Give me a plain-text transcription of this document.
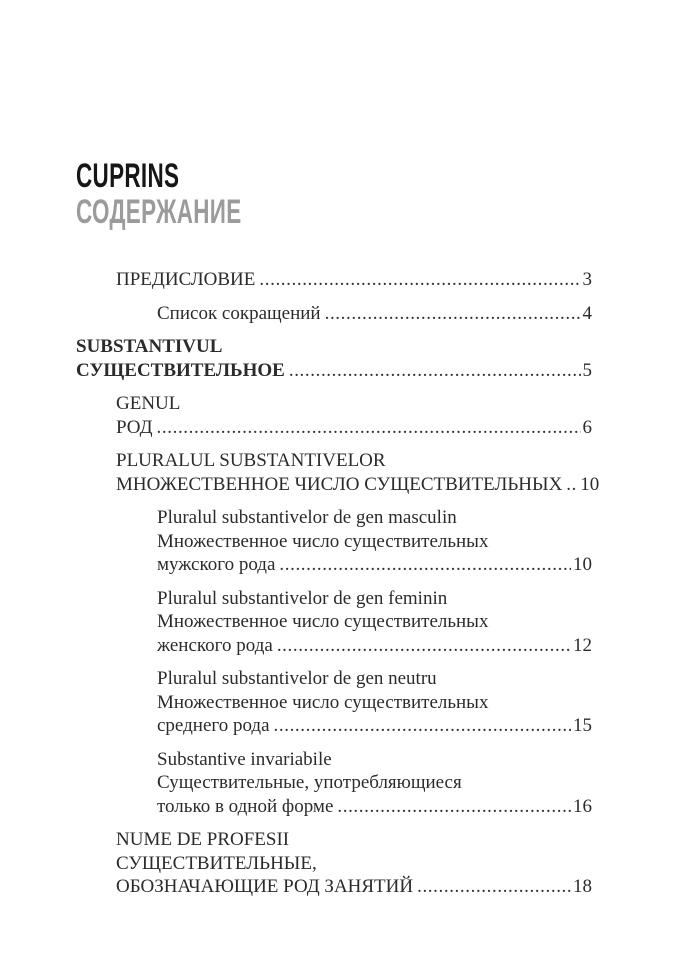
CUPRINS
СОДЕРЖАНИЕ
ПРЕДИСЛОВИЕ .....	3
Список сокращений .....	4
SUBSTANTIVUL
СУЩЕСТВИТЕЛЬНОЕ .....	5
GENUL
РОД .....	6
PLURALUL SUBSTANTIVELOR
МНОЖЕСТВЕННОЕ ЧИСЛО СУЩЕСТВИТЕЛЬНЫХ ..... 10
Pluralul substantivelor de gen masculin
Множественное число существительных
мужского рода .....	10
Pluralul substantivelor de gen feminin
Множественное число существительных
женского рода .....	12
Pluralul substantivelor de gen neutru
Множественное число существительных
среднего рода .....	15
Substantive invariabile
Существительные, употребляющиеся
только в одной форме .....	16
NUME DE PROFESII
СУЩЕСТВИТЕЛЬНЫЕ,
ОБОЗНАЧАЮЩИЕ РОД ЗАНЯТИЙ .....	18
